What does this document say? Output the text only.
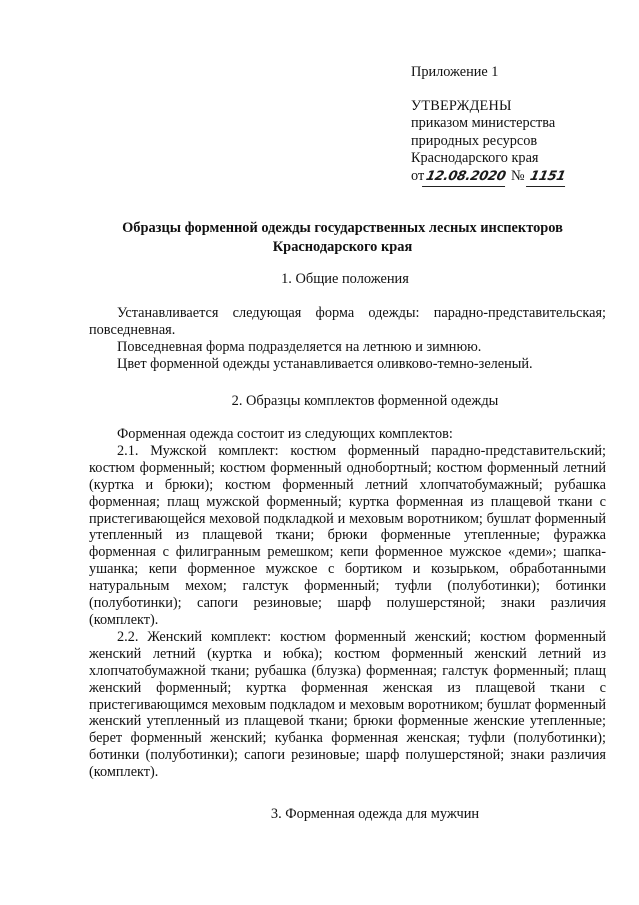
Приложение 1
УТВЕРЖДЕНЫ
приказом министерства
природных ресурсов
Краснодарского края
от12.08.2020 № 1151
Образцы форменной одежды государственных лесных инспекторов
Краснодарского края
1. Общие положения

Устанавливается следующая форма одежды: парадно-представительская; повседневная.

Повседневная форма подразделяется на летнюю и зимнюю.

Цвет форменной одежды устанавливается оливково-темно-зеленый.

2. Образцы комплектов форменной одежды

Форменная одежда состоит из следующих комплектов:

2.1. Мужской комплект: костюм форменный парадно-представительский; костюм форменный; костюм форменный однобортный; костюм форменный летний (куртка и брюки); костюм форменный летний хлопчатобумажный; рубашка форменная; плащ мужской форменный; куртка форменная из плащевой ткани с пристегивающейся меховой подкладкой и меховым воротником; бушлат форменный утепленный из плащевой ткани; брюки форменные утепленные; фуражка форменная с филигранным ремешком; кепи форменное мужское «деми»; шапка-ушанка; кепи форменное мужское с бортиком и козырьком, обработанными натуральным мехом; галстук форменный; туфли (полуботинки); ботинки (полуботинки); сапоги резиновые; шарф полушерстяной; знаки различия (комплект).

2.2. Женский комплект: костюм форменный женский; костюм форменный женский летний (куртка и юбка); костюм форменный женский летний из хлопчатобумажной ткани; рубашка (блузка) форменная; галстук форменный; плащ женский форменный; куртка форменная женская из плащевой ткани с пристегивающимся меховым подкладом и меховым воротником; бушлат форменный женский утепленный из плащевой ткани; брюки форменные женские утепленные; берет форменный женский; кубанка форменная женская; туфли (полуботинки); ботинки (полуботинки); сапоги резиновые; шарф полушерстяной; знаки различия (комплект).

3. Форменная одежда для мужчин
